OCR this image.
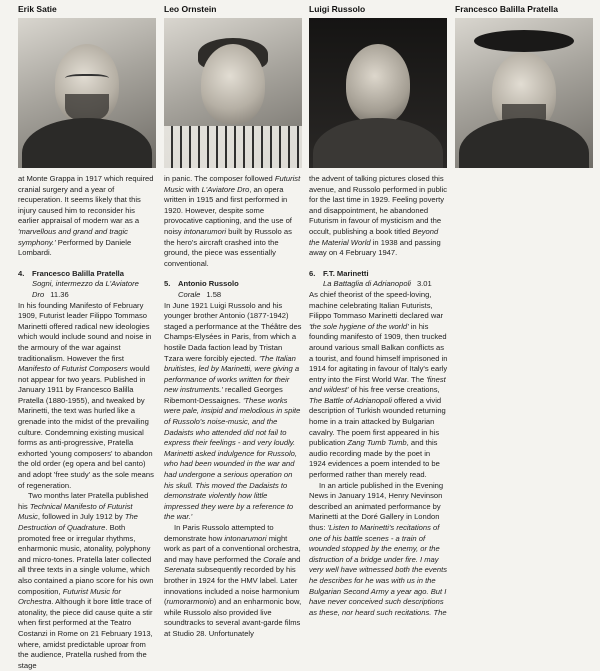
Erik Satie	Leo Ornstein	Luigi Russolo	Francesco Balilla Pratella

at Monte Grappa in 1917 which required cranial surgery and a year of recuperation. It seems likely that this injury caused him to reconsider his earlier appraisal of modern war as a 'marvellous and grand and tragic symphony.' Performed by Daniele Lombardi.

4. Francesco Balilla Pratella

Sogni, intermezzo da L'Aviatore Dro 11.36

In his founding Manifesto of February 1909, Futurist leader Filippo Tommaso Marinetti offered radical new ideologies which would include sound and noise in the armoury of the war against traditionalism. However the first Manifesto of Futurist Composers would not appear for two years. Published in January 1911 by Francesco Balilla Pratella (1880-1955), and tweaked by Marinetti, the text was hurled like a grenade into the midst of the prevailing culture. Condemning existing musical forms as anti-progressive, Pratella exhorted 'young composers' to abandon the old order (eg opera and bel canto) and adopt 'free study' as the sole means of regeneration.

Two months later Pratella published his Technical Manifesto of Futurist Music, followed in July 1912 by The Destruction of Quadrature. Both promoted free or irregular rhythms, enharmonic music, atonality, polyphony and micro-tones. Pratella later collected all three texts in a single volume, which also contained a piano score for his own composition, Futurist Music for Orchestra. Although it bore little trace of atonality, the piece did cause quite a stir when first performed at the Teatro Costanzi in Rome on 21 February 1913, where, amidst predictable uproar from the audience, Pratella rushed from the stage

in panic. The composer followed Futurist Music with L'Aviatore Dro, an opera written in 1915 and first performed in 1920. However, despite some provocative captioning, and the use of noisy intonarumori built by Russolo as the hero's aircraft crashed into the ground, the piece was essentially conventional.

5. Antonio Russolo

Corale 1.58

In June 1921 Luigi Russolo and his younger brother Antonio (1877-1942) staged a performance at the Théâtre des Champs-Elysées in Paris, from which a hostile Dada faction lead by Tristan Tzara were forcibly ejected. 'The Italian bruitistes, led by Marinetti, were giving a performance of works written for their new instruments.' recalled Georges Ribemont-Dessaignes. 'These works were pale, insipid and melodious in spite of Russolo's noise-music, and the Dadaists who attended did not fail to express their feelings - and very loudly. Marinetti asked indulgence for Russolo, who had been wounded in the war and had undergone a serious operation on his skull. This moved the Dadaists to demonstrate violently how little impressed they were by a reference to the war.'

In Paris Russolo attempted to demonstrate how intonarumori might work as part of a conventional orchestra, and may have performed the Corale and Serenata subsequently recorded by his brother in 1924 for the HMV label. Later innovations included a noise harmonium (rumorarmonio) and an enharmonic bow, while Russolo also provided live soundtracks to several avant-garde films at Studio 28. Unfortunately

the advent of talking pictures closed this avenue, and Russolo performed in public for the last time in 1929. Feeling poverty and disappointment, he abandoned Futurism in favour of mysticism and the occult, publishing a book titled Beyond the Material World in 1938 and passing away on 4 February 1947.

6. F.T. Marinetti

La Battaglia di Adrianopoli 3.01

As chief theorist of the speed-loving, machine celebrating Italian Futurists, Filippo Tommaso Marinetti declared war 'the sole hygiene of the world' in his founding manifesto of 1909, then trucked around various small Balkan conflicts as a tourist, and found himself imprisoned in 1914 for agitating in favour of Italy's early entry into the First World War. The 'finest and wildest' of his free verse creations, The Battle of Adrianopoli offered a vivid description of Turkish wounded returning home in a train attacked by Bulgarian cavalry. The poem first appeared in his publication Zang Tumb Tumb, and this audio recording made by the poet in 1924 evidences a poem intended to be performed rather than merely read.

In an article published in the Evening News in January 1914, Henry Nevinson described an animated performance by Marinetti at the Doré Gallery in London thus: 'Listen to Marinetti's recitations of one of his battle scenes - a train of wounded stopped by the enemy, or the distruction of a bridge under fire. I may very well have witnessed both the events he describes for he was with us in the Bulgarian Second Army a year ago. But I have never conceived such descriptions as these, nor heard such recitations. The
